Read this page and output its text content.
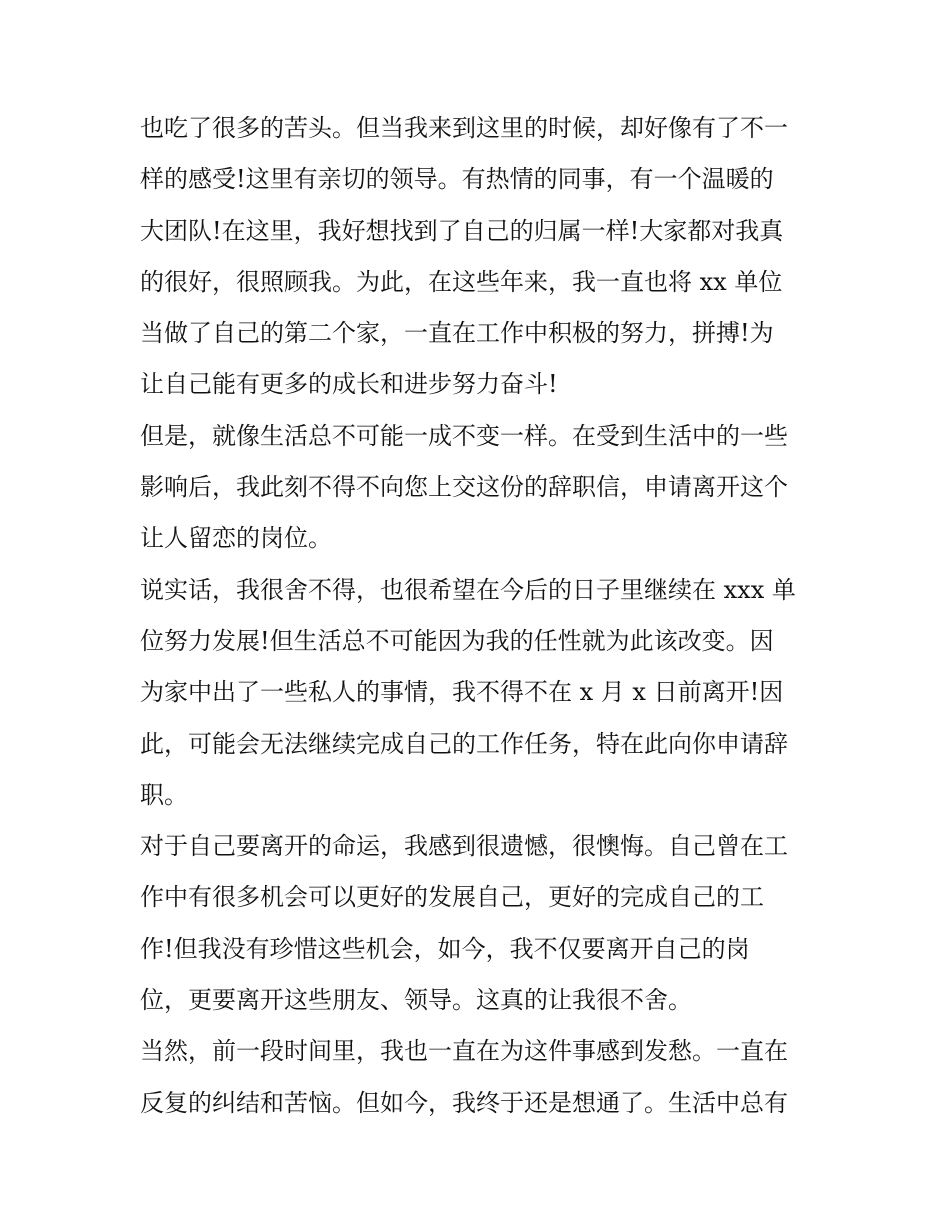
也吃了很多的苦头。但当我来到这里的时候，却好像有了不一
样的感受!这里有亲切的领导。有热情的同事，有一个温暖的
大团队!在这里，我好想找到了自己的归属一样!大家都对我真
的很好，很照顾我。为此，在这些年来，我一直也将 xx 单位
当做了自己的第二个家，一直在工作中积极的努力，拼搏!为
让自己能有更多的成长和进步努力奋斗!
但是，就像生活总不可能一成不变一样。在受到生活中的一些
影响后，我此刻不得不向您上交这份的辞职信，申请离开这个
让人留恋的岗位。
说实话，我很舍不得，也很希望在今后的日子里继续在 xxx 单
位努力发展!但生活总不可能因为我的任性就为此该改变。因
为家中出了一些私人的事情，我不得不在 x 月 x 日前离开!因
此，可能会无法继续完成自己的工作任务，特在此向你申请辞
职。
对于自己要离开的命运，我感到很遗憾，很懊悔。自己曾在工
作中有很多机会可以更好的发展自己，更好的完成自己的工
作!但我没有珍惜这些机会，如今，我不仅要离开自己的岗
位，更要离开这些朋友、领导。这真的让我很不舍。
当然，前一段时间里，我也一直在为这件事感到发愁。一直在
反复的纠结和苦恼。但如今，我终于还是想通了。生活中总有
